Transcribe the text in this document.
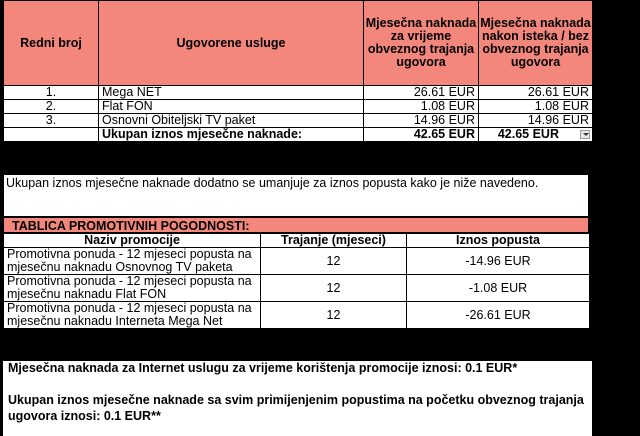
Redni broj	Ugovorene usluge	Mjesečna naknada za vrijeme obveznog trajanja ugovora	Mjesečna naknada nakon isteka / bez obveznog trajanja ugovora
1.	Mega NET	26.61 EUR	26.61 EUR
2.	Flat FON	1.08 EUR	1.08 EUR
3.	Osnovni Obiteljski TV paket	14.96 EUR	14.96 EUR
	Ukupan iznos mjesečne naknade:	42.65 EUR	42.65 EUR
Ukupan iznos mjesečne naknade dodatno se umanjuje za iznos popusta kako je niže navedeno.
TABLICA PROMOTIVNIH POGODNOSTI:
Naziv promocije	Trajanje (mjeseci)	Iznos popusta
Promotivna ponuda - 12 mjeseci popusta na mjesečnu naknadu Osnovnog TV paketa	12	-14.96 EUR
Promotivna ponuda - 12 mjeseci popusta na mjesečnu naknadu Flat FON	12	-1.08 EUR
Promotivna ponuda - 12 mjeseci popusta na mjesečnu naknadu Interneta Mega Net	12	-26.61 EUR
Mjesečna naknada za Internet uslugu za vrijeme korištenja promocije iznosi: 0.1 EUR*
Ukupan iznos mjesečne naknade sa svim primijenjenim popustima na početku obveznog trajanja ugovora iznosi: 0.1 EUR**
